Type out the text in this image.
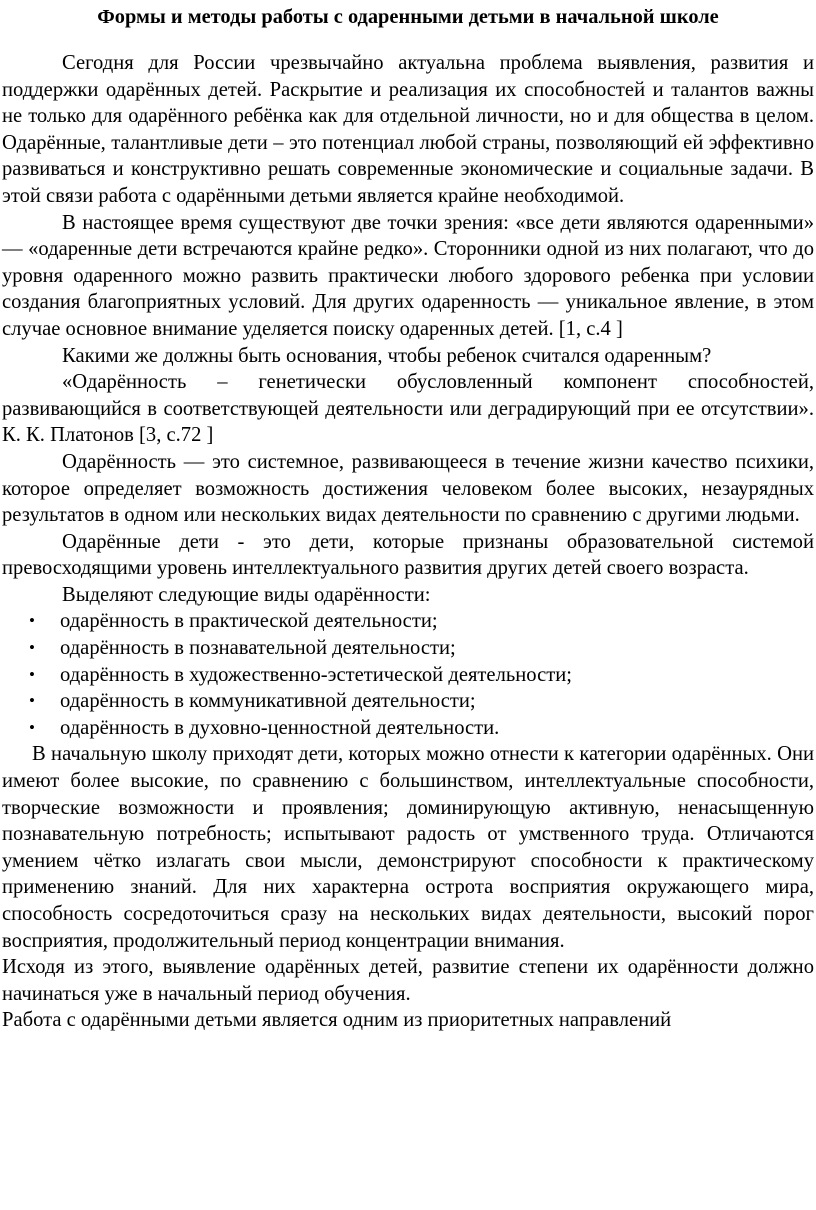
Формы и методы работы с одаренными детьми в начальной школе

Сегодня для России чрезвычайно актуальна проблема выявления, развития и поддержки одарённых детей. Раскрытие и реализация их способностей и талантов важны не только для одарённого ребёнка как для отдельной личности, но и для общества в целом. Одарённые, талантливые дети – это потенциал любой страны, позволяющий ей эффективно развиваться и конструктивно решать современные экономические и социальные задачи. В этой связи работа с одарёнными детьми является крайне необходимой.

В настоящее время существуют две точки зрения: «все дети являются одаренными» — «одаренные дети встречаются крайне редко». Сторонники одной из них полагают, что до уровня одаренного можно развить практически любого здорового ребенка при условии создания благоприятных условий. Для других одаренность — уникальное явление, в этом случае основное внимание уделяется поиску одаренных детей. [1, с.4 ]

Какими же должны быть основания, чтобы ребенок считался одаренным?

«Одарённость – генетически обусловленный компонент способностей, развивающийся в соответствующей деятельности или деградирующий при ее отсутствии». К. К. Платонов [3, с.72 ]

Одарённость — это системное, развивающееся в течение жизни качество психики, которое определяет возможность достижения человеком более высоких, незаурядных результатов в одном или нескольких видах деятельности по сравнению с другими людьми.

Одарённые дети - это дети, которые признаны образовательной системой превосходящими уровень интеллектуального развития других детей своего возраста.

Выделяют следующие виды одарённости:

• одарённость в практической деятельности;
• одарённость в познавательной деятельности;
• одарённость в художественно-эстетической деятельности;
• одарённость в коммуникативной деятельности;
• одарённость в духовно-ценностной деятельности.

В начальную школу приходят дети, которых можно отнести к категории одарённых. Они имеют более высокие, по сравнению с большинством, интеллектуальные способности, творческие возможности и проявления; доминирующую активную, ненасыщенную познавательную потребность; испытывают радость от умственного труда. Отличаются умением чётко излагать свои мысли, демонстрируют способности к практическому применению знаний. Для них характерна острота восприятия окружающего мира, способность сосредоточиться сразу на нескольких видах деятельности, высокий порог восприятия, продолжительный период концентрации внимания.

Исходя из этого, выявление одарённых детей, развитие степени их одарённости должно начинаться уже в начальный период обучения.

Работа с одарёнными детьми является одним из приоритетных направлений
